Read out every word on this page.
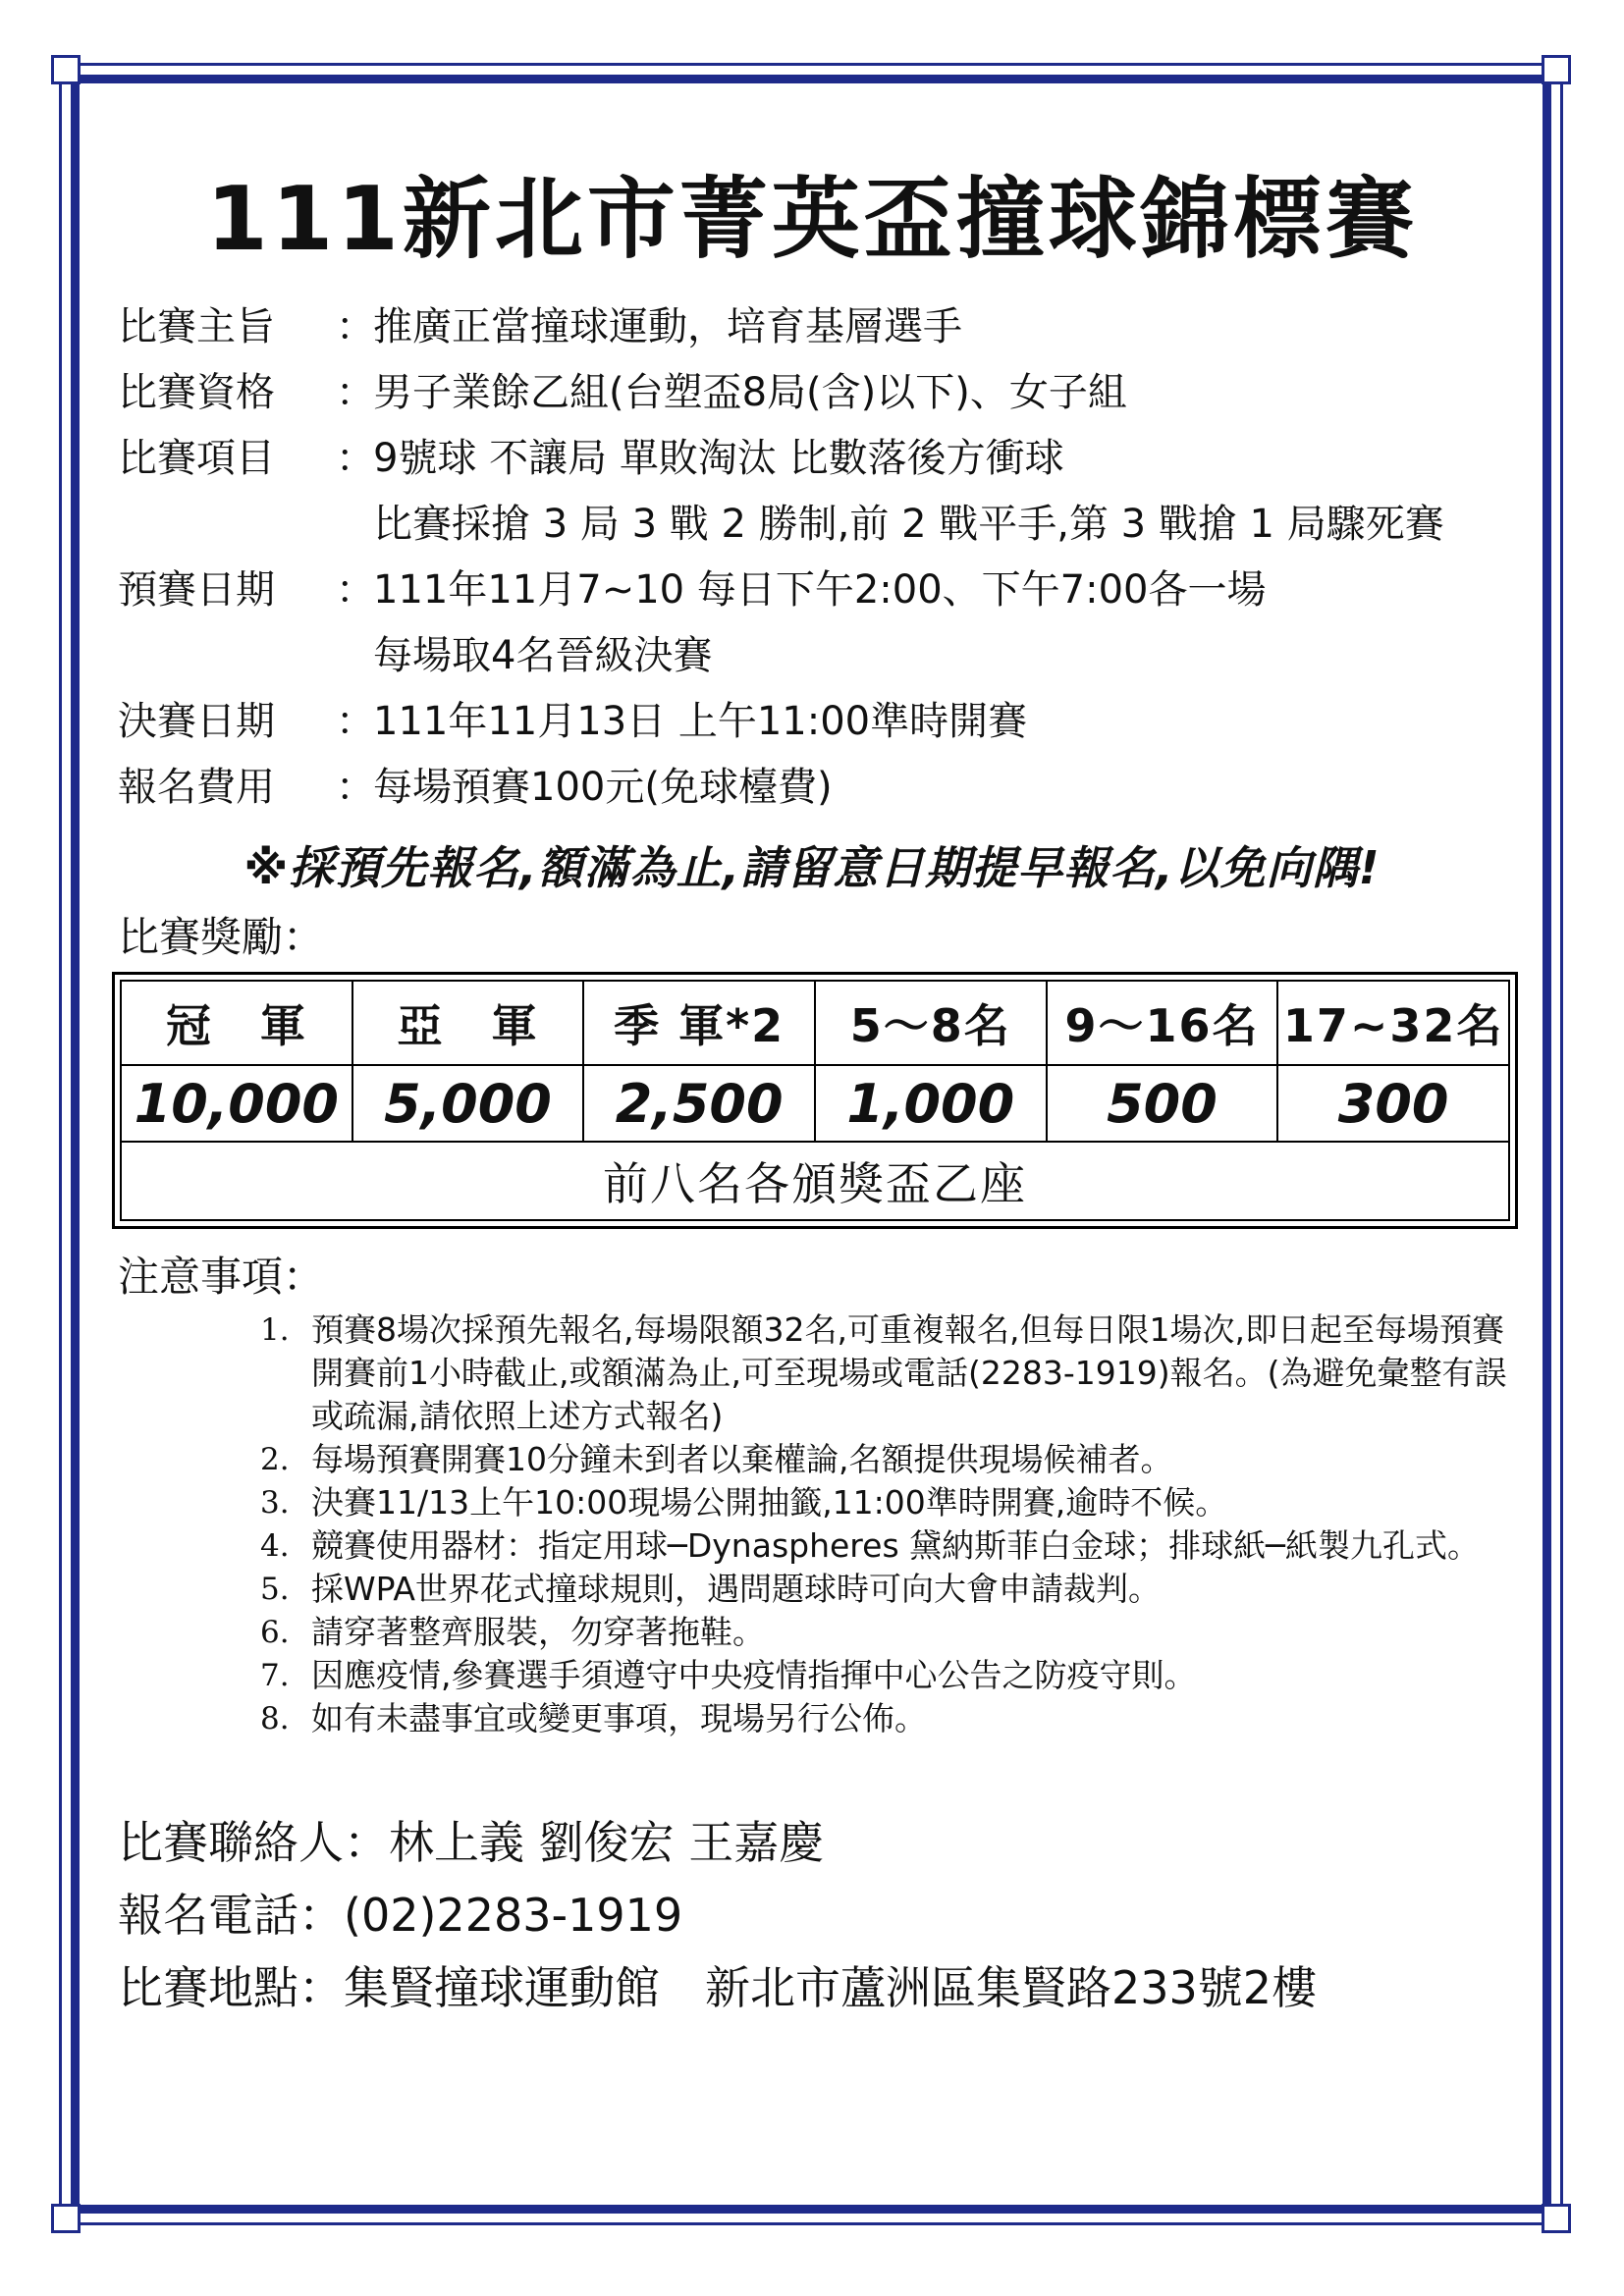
111新北市菁英盃撞球錦標賽
比賽主旨	：
推廣正當撞球運動，培育基層選手
比賽資格	：
男子業餘乙組(台塑盃8局(含)以下)、女子組
比賽項目	：
9號球 不讓局 單敗淘汰 比數落後方衝球
比賽採搶 3 局 3 戰 2 勝制,前 2 戰平手,第 3 戰搶 1 局驟死賽
預賽日期	：
111年11月7~10 每日下午2:00、下午7:00各一場
每場取4名晉級決賽
決賽日期	：
111年11月13日 上午11:00準時開賽
報名費用	：
每場預賽100元(免球檯費)
※採預先報名,額滿為止,請留意日期提早報名,以免向隅!
比賽獎勵：
冠　軍	亞　軍	季 軍*2	5～8名	9～16名	17~32名
10,000	5,000	2,500	1,000	500	300
前八名各頒獎盃乙座					
注意事項：
1. 預賽8場次採預先報名,每場限額32名,可重複報名,但每日限1場次,即日起至每場預賽開賽前1小時截止,或額滿為止,可至現場或電話(2283-1919)報名。(為避免彙整有誤或疏漏,請依照上述方式報名)
2. 每場預賽開賽10分鐘未到者以棄權論,名額提供現場候補者。
3. 決賽11/13上午10:00現場公開抽籤,11:00準時開賽,逾時不候。
4. 競賽使用器材：指定用球─Dynaspheres 黛納斯菲白金球；排球紙─紙製九孔式。
5. 採WPA世界花式撞球規則，遇問題球時可向大會申請裁判。
6. 請穿著整齊服裝，勿穿著拖鞋。
7. 因應疫情,參賽選手須遵守中央疫情指揮中心公告之防疫守則。
8. 如有未盡事宜或變更事項，現場另行公佈。
比賽聯絡人：林上義 劉俊宏 王嘉慶
報名電話：(02)2283-1919
比賽地點：集賢撞球運動館　新北市蘆洲區集賢路233號2樓
